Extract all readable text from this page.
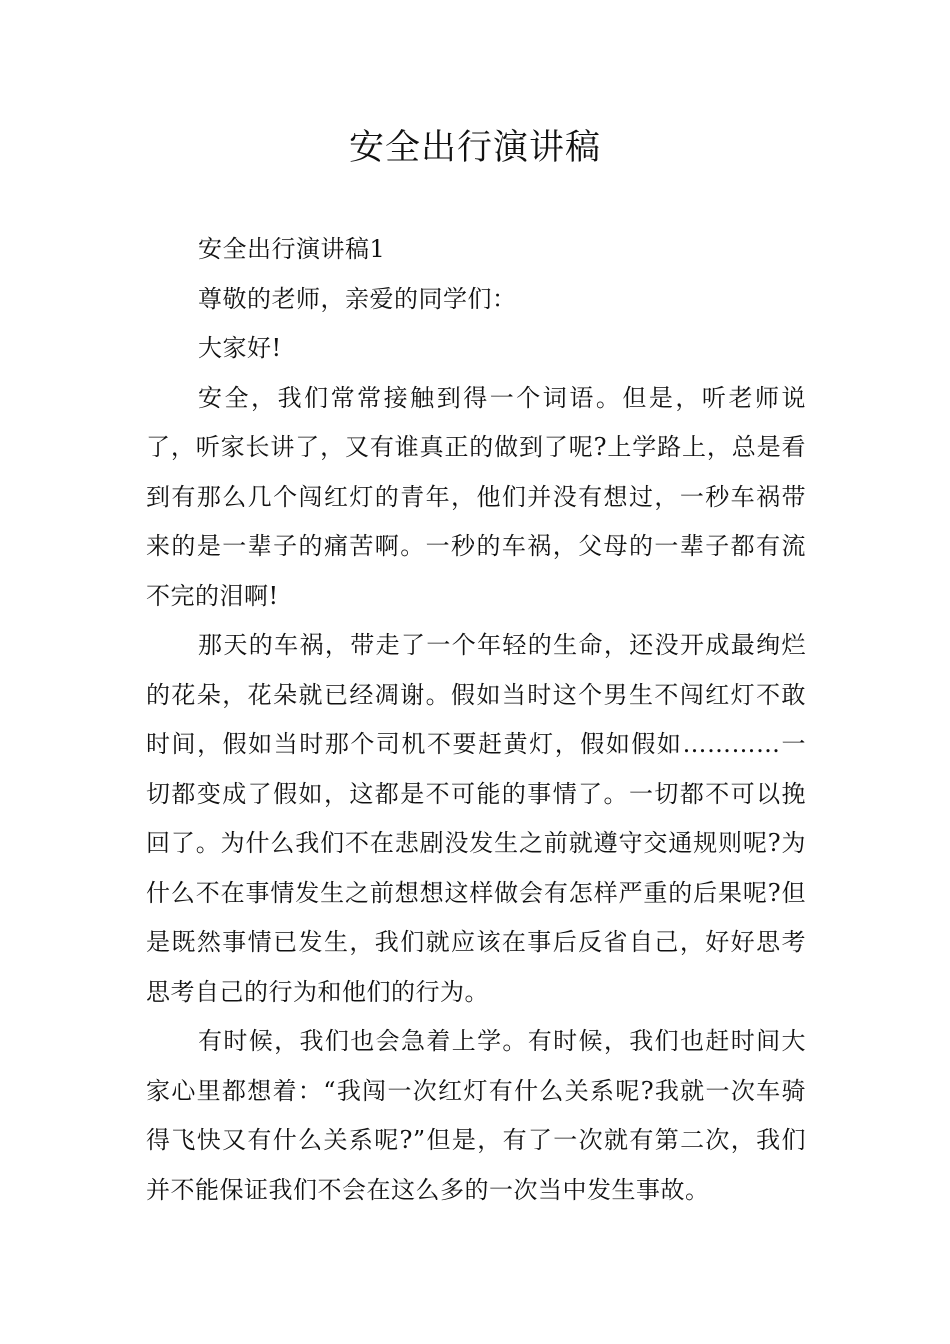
安全出行演讲稿

安全出行演讲稿1

尊敬的老师，亲爱的同学们：

大家好!

安全，我们常常接触到得一个词语。但是，听老师说了，听家长讲了，又有谁真正的做到了呢?上学路上，总是看到有那么几个闯红灯的青年，他们并没有想过，一秒车祸带来的是一辈子的痛苦啊。一秒的车祸，父母的一辈子都有流不完的泪啊!

那天的车祸，带走了一个年轻的生命，还没开成最绚烂的花朵，花朵就已经凋谢。假如当时这个男生不闯红灯不敢时间，假如当时那个司机不要赶黄灯，假如假如…………一切都变成了假如，这都是不可能的事情了。一切都不可以挽回了。为什么我们不在悲剧没发生之前就遵守交通规则呢?为什么不在事情发生之前想想这样做会有怎样严重的后果呢?但是既然事情已发生，我们就应该在事后反省自己，好好思考思考自己的行为和他们的行为。

有时候，我们也会急着上学。有时候，我们也赶时间大家心里都想着：“我闯一次红灯有什么关系呢?我就一次车骑得飞快又有什么关系呢?”但是，有了一次就有第二次，我们并不能保证我们不会在这么多的一次当中发生事故。
